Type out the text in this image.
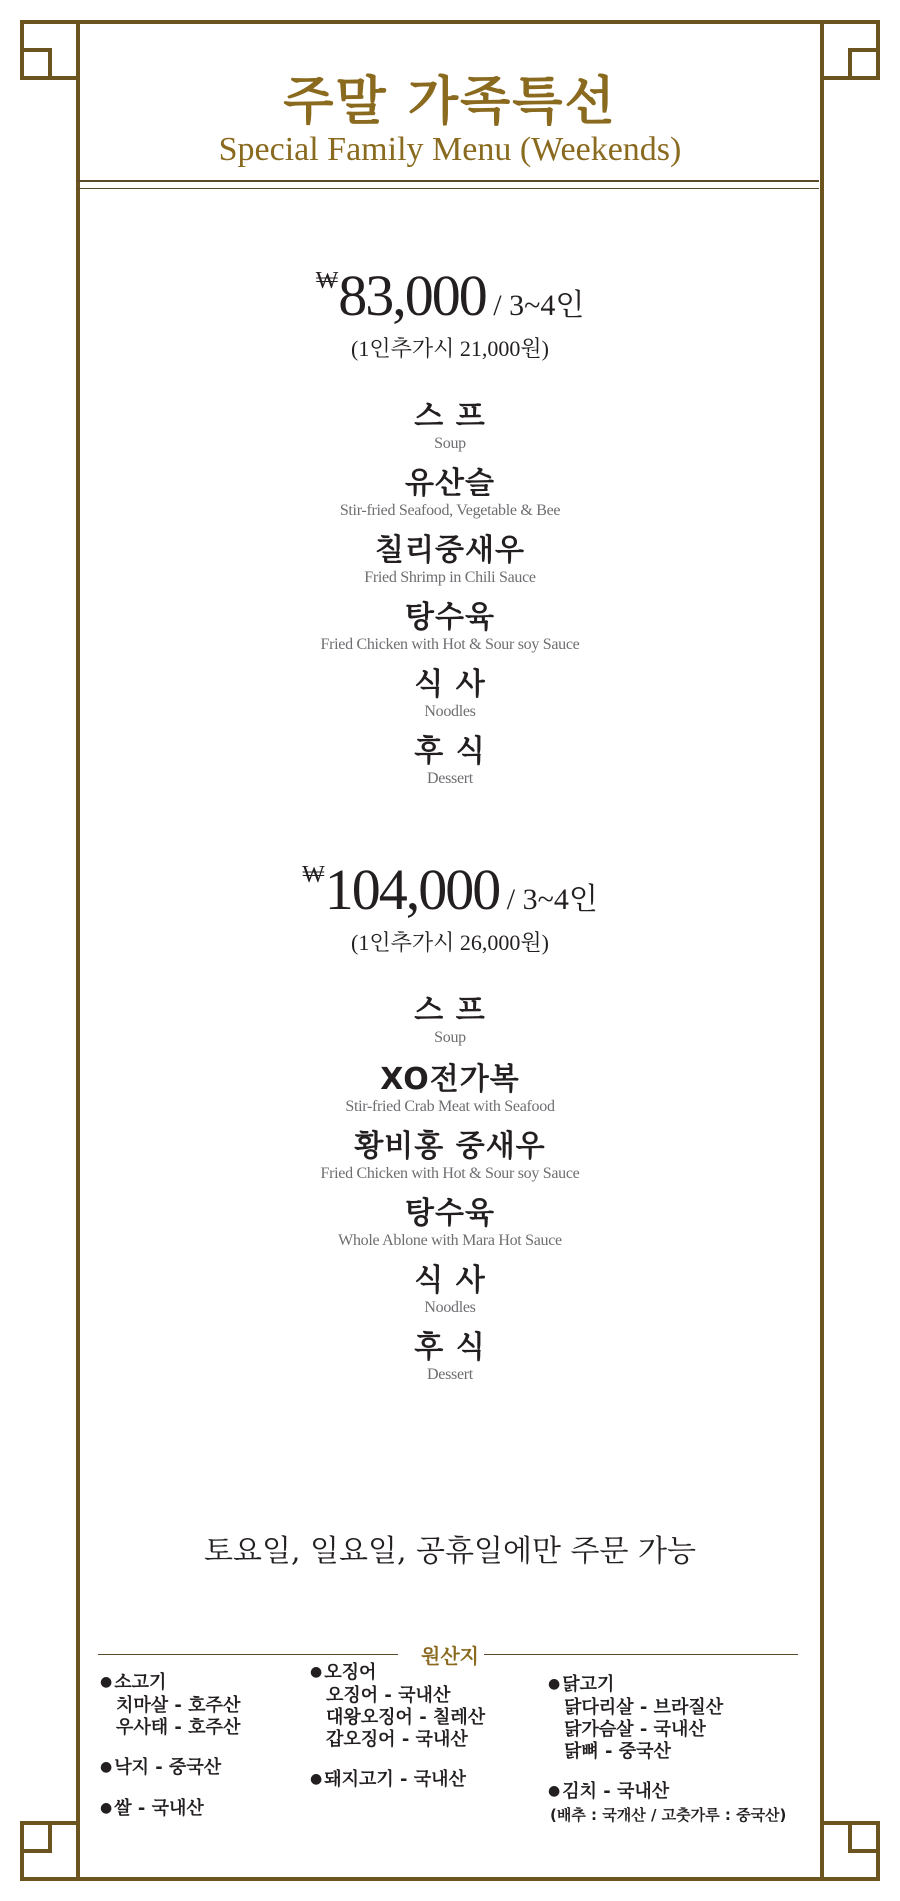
주말 가족특선
Special Family Menu (Weekends)
₩83,000 / 3~4인
(1인추가시 21,000원)
스 프
Soup
유산슬
Stir-fried Seafood, Vegetable & Bee
칠리중새우
Fried Shrimp in Chili Sauce
탕수육
Fried Chicken with Hot & Sour soy Sauce
식 사
Noodles
후 식
Dessert
₩104,000 / 3~4인
(1인추가시 26,000원)
스 프
Soup
XO전가복
Stir-fried Crab Meat with Seafood
황비홍 중새우
Fried Chicken with Hot & Sour soy Sauce
탕수육
Whole Ablone with Mara Hot Sauce
식 사
Noodles
후 식
Dessert
토요일, 일요일, 공휴일에만 주문 가능
원산지
● 소고기
치마살 - 호주산
우사태 - 호주산
● 낙지 - 중국산
● 쌀 - 국내산
● 오징어
오징어 - 국내산
대왕오징어 - 칠레산
갑오징어 - 국내산
● 돼지고기 - 국내산
● 닭고기
닭다리살 - 브라질산
닭가슴살 - 국내산
닭뼈 - 중국산
● 김치 - 국내산
(배추 : 국개산 / 고춧가루 : 중국산)
